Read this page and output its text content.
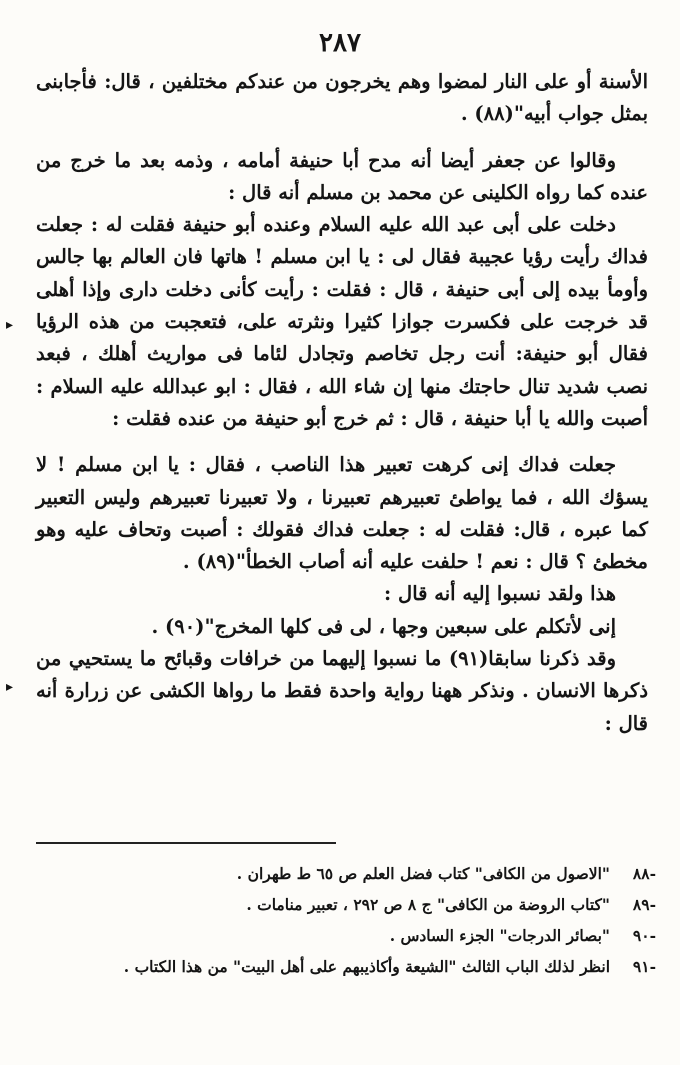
٢٨٧

الأسنة أو على النار لمضوا وهم يخرجون من عندكم مختلفين ، قال: فأجابنى بمثل جواب أبيه"(٨٨) .

وقالوا عن جعفر أيضا أنه مدح أبا حنيفة أمامه ، وذمه بعد ما خرج من عنده كما رواه الكلينى عن محمد بن مسلم أنه قال :

دخلت على أبى عبد الله عليه السلام وعنده أبو حنيفة فقلت له : جعلت فداك رأيت رؤيا عجيبة فقال لى : يا ابن مسلم ! هاتها فان العالم بها جالس وأومأ بيده إلى أبى حنيفة ، قال : فقلت : رأيت كأنى دخلت دارى وإذا أهلى قد خرجت على فكسرت جوازا كثيرا ونثرته على، فتعجبت من هذه الرؤيا فقال أبو حنيفة: أنت رجل تخاصم وتجادل لئاما فى مواريث أهلك ، فبعد نصب شديد تنال حاجتك منها إن شاء الله ، فقال : ابو عبدالله عليه السلام : أصبت والله يا أبا حنيفة ، قال : ثم خرج أبو حنيفة من عنده فقلت :

جعلت فداك إنى كرهت تعبير هذا الناصب ، فقال : يا ابن مسلم ! لا يسؤك الله ، فما يواطئ تعبيرهم تعبيرنا ، ولا تعبيرنا تعبيرهم وليس التعبير كما عبره ، قال: فقلت له : جعلت فداك فقولك : أصبت وتحاف عليه وهو مخطئ ؟ قال : نعم ! حلفت عليه أنه أصاب الخطأ"(٨٩) .

هذا ولقد نسبوا إليه أنه قال :

إنى لأتكلم على سبعين وجها ، لى فى كلها المخرج"(٩٠) .

وقد ذكرنا سابقا(٩١) ما نسبوا إليهما من خرافات وقبائح ما يستحيي من ذكرها الانسان . ونذكر ههنا رواية واحدة فقط ما رواها الكشى عن زرارة أنه قال :

-٨٨
"الاصول من الكافى" كتاب فضل العلم ص ٦٥ ط طهران .
-٨٩
"كتاب الروضة من الكافى" ج ٨ ص ٢٩٢ ، تعبير منامات .
-٩٠
"بصائر الدرجات" الجزء السادس .
-٩١
انظر لذلك الباب الثالث "الشيعة وأكاذيبهم على أهل البيت" من هذا الكتاب .
▸
▸
